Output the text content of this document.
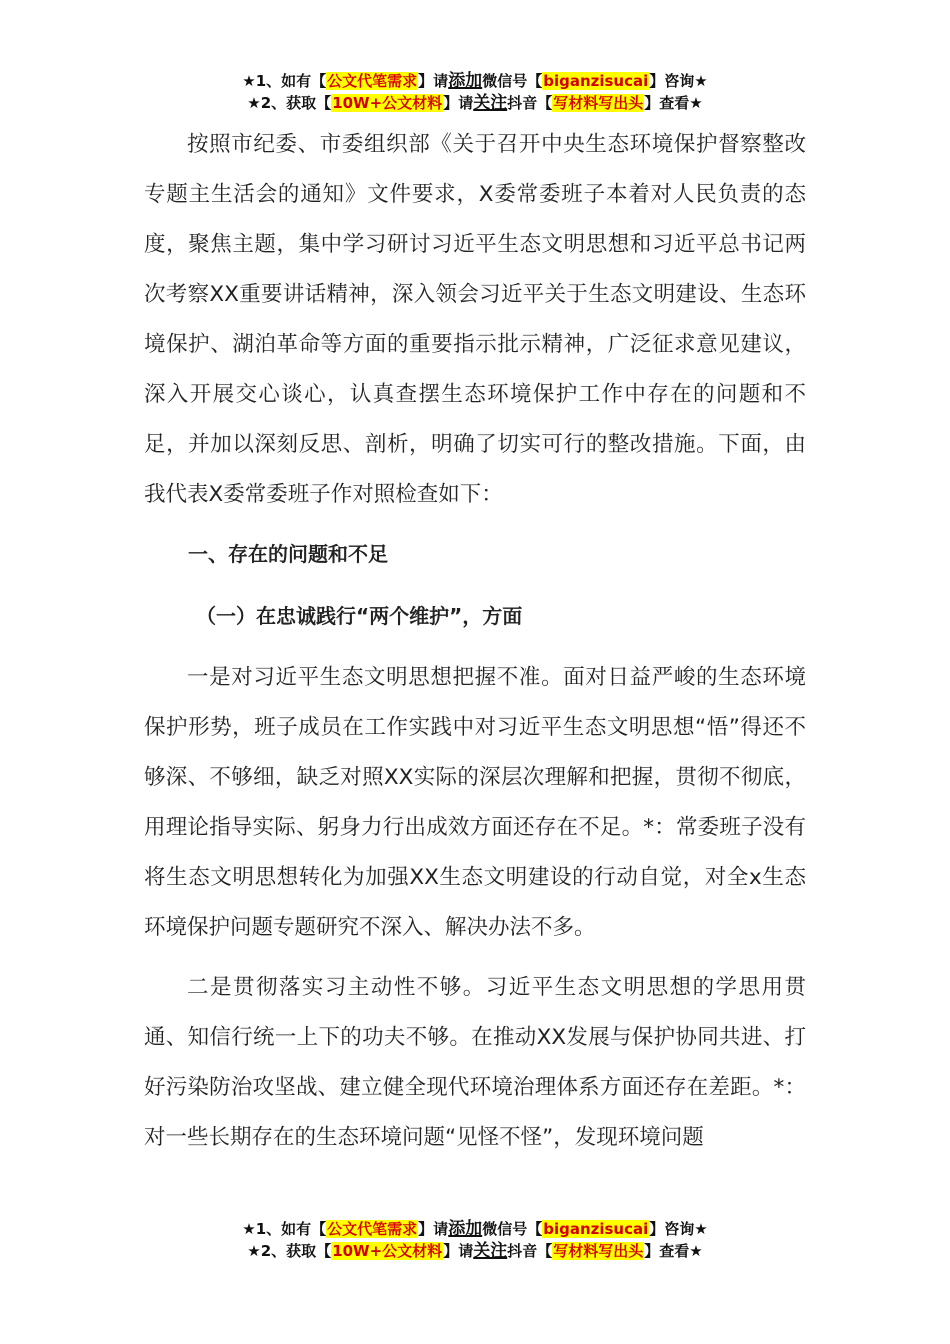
★1、如有【公文代笔需求】请添加微信号【biganzisucai】咨询★
★2、获取【10W+公文材料】请关注抖音【写材料写出头】查看★

按照市纪委、市委组织部《关于召开中央生态环境保护督察整改专题主生活会的通知》文件要求，X委常委班子本着对人民负责的态度，聚焦主题，集中学习研讨习近平生态文明思想和习近平总书记两次考察XX重要讲话精神，深入领会习近平关于生态文明建设、生态环境保护、湖泊革命等方面的重要指示批示精神，广泛征求意见建议，深入开展交心谈心，认真查摆生态环境保护工作中存在的问题和不足，并加以深刻反思、剖析，明确了切实可行的整改措施。下面，由我代表X委常委班子作对照检查如下：

一、存在的问题和不足

（一）在忠诚践行“两个维护”，方面

一是对习近平生态文明思想把握不准。面对日益严峻的生态环境保护形势，班子成员在工作实践中对习近平生态文明思想“悟”得还不够深、不够细，缺乏对照XX实际的深层次理解和把握，贯彻不彻底，用理论指导实际、躬身力行出成效方面还存在不足。*：常委班子没有将生态文明思想转化为加强XX生态文明建设的行动自觉，对全x生态环境保护问题专题研究不深入、解决办法不多。

二是贯彻落实习主动性不够。习近平生态文明思想的学思用贯通、知信行统一上下的功夫不够。在推动XX发展与保护协同共进、打好污染防治攻坚战、建立健全现代环境治理体系方面还存在差距。*：对一些长期存在的生态环境问题“见怪不怪”，发现环境问题

★1、如有【公文代笔需求】请添加微信号【biganzisucai】咨询★
★2、获取【10W+公文材料】请关注抖音【写材料写出头】查看★
